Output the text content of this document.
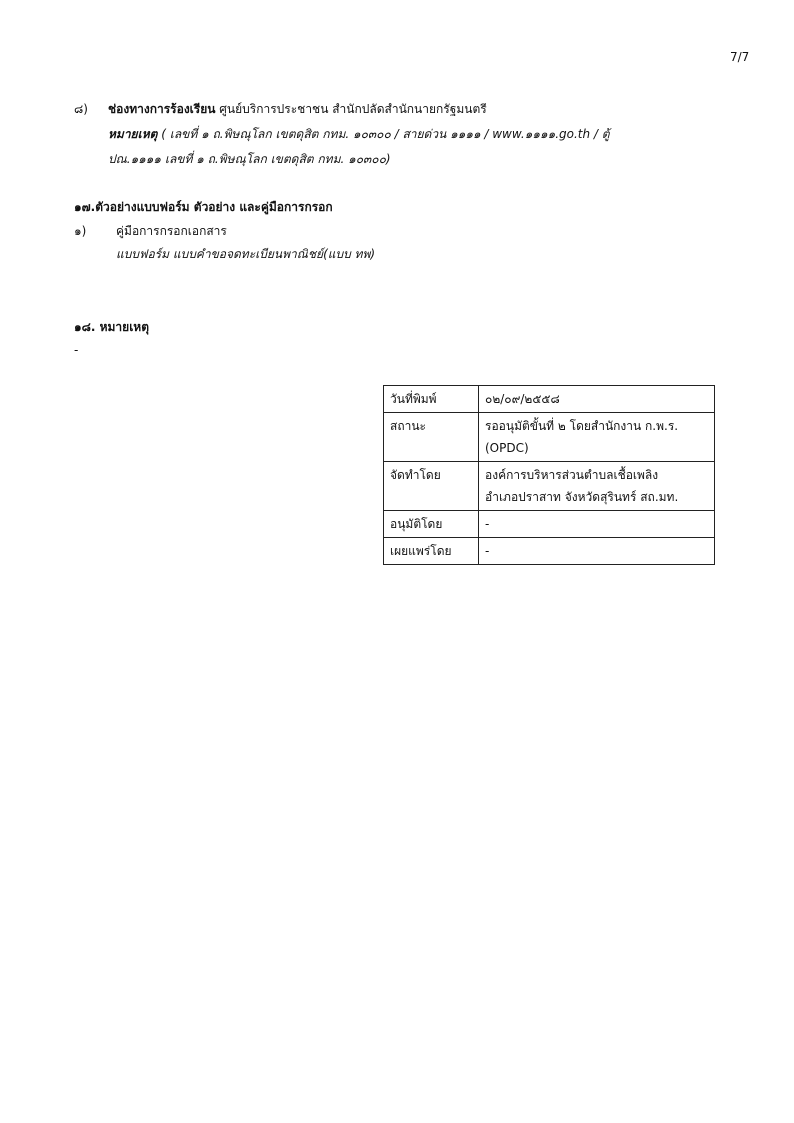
7/7
๘) ช่องทางการร้องเรียน ศูนย์บริการประชาชน สำนักปลัดสำนักนายกรัฐมนตรี
หมายเหตุ ( เลขที่ ๑ ถ.พิษณุโลก เขตดุสิต กทม. ๑๐๓๐๐ / สายด่วน ๑๑๑๑ / www.๑๑๑๑.go.th / ตู้
ปณ.๑๑๑๑ เลขที่ ๑ ถ.พิษณุโลก เขตดุสิต กทม. ๑๐๓๐๐)
๑๗.ตัวอย่างแบบฟอร์ม ตัวอย่าง และคู่มือการกรอก
๑) คู่มือการกรอกเอกสาร
แบบฟอร์ม แบบคำขอจดทะเบียนพาณิชย์(แบบ ทพ)
๑๘. หมายเหตุ
-
วันที่พิมพ์	๐๒/๐๙/๒๕๕๘
สถานะ	รออนุมัติขั้นที่ ๒ โดยสำนักงาน ก.พ.ร.
(OPDC)

จัดทำโดย	องค์การบริหารส่วนตำบลเชื้อเพลิง
อำเภอปราสาท จังหวัดสุรินทร์ สถ.มท.

อนุมัติโดย	-
เผยแพร่โดย	-
